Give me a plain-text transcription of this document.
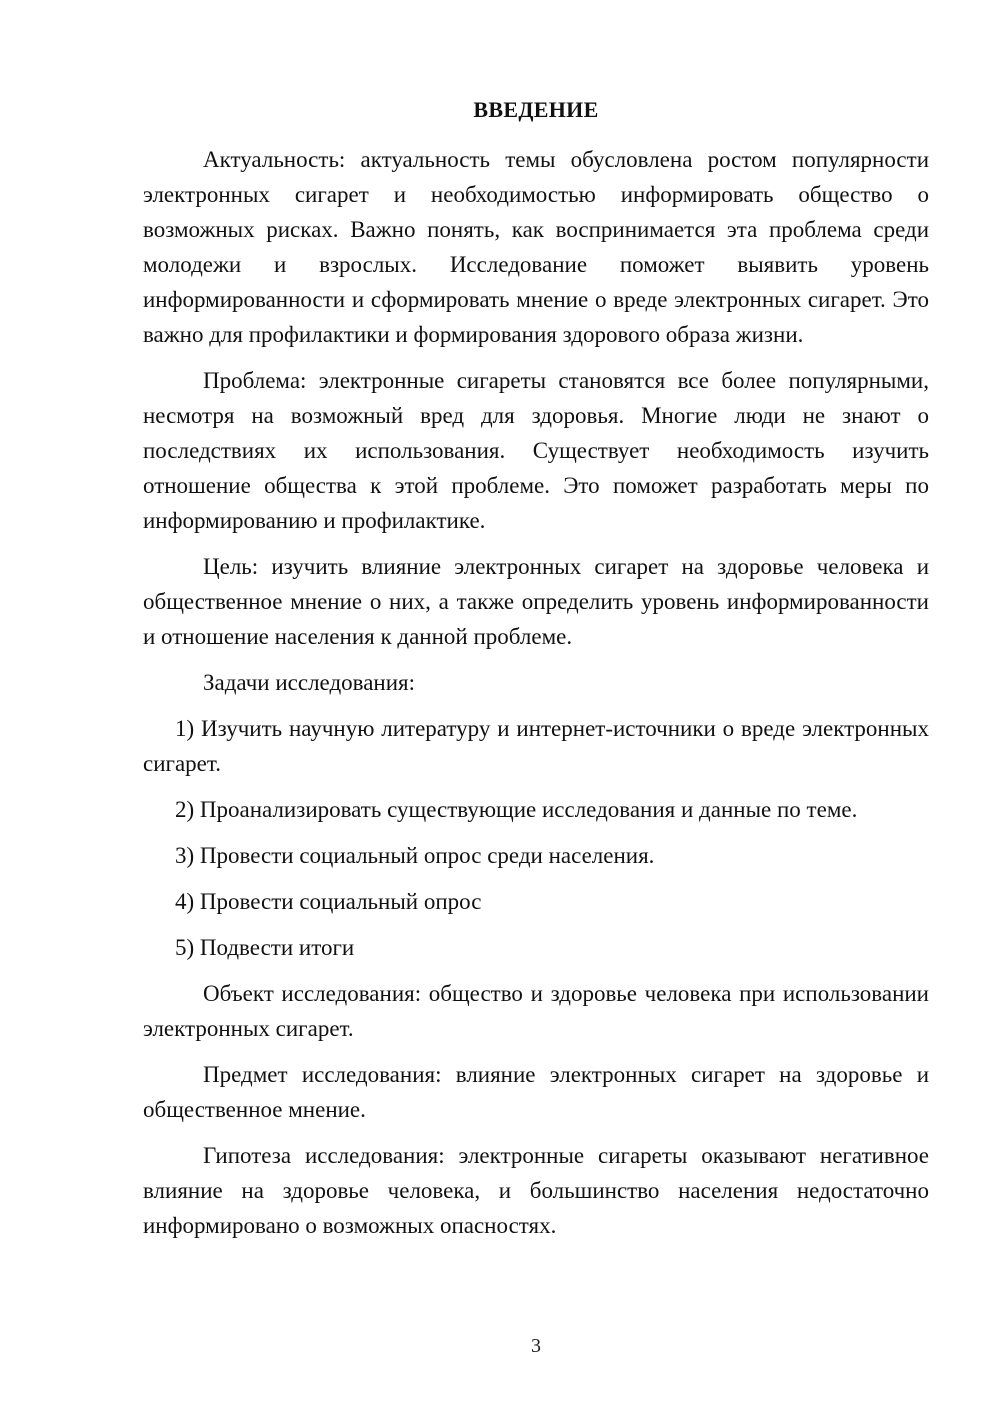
ВВЕДЕНИЕ

Актуальность: актуальность темы обусловлена ростом популярности электронных сигарет и необходимостью информировать общество о возможных рисках. Важно понять, как воспринимается эта проблема среди молодежи и взрослых. Исследование поможет выявить уровень информированности и сформировать мнение о вреде электронных сигарет. Это важно для профилактики и формирования здорового образа жизни.

Проблема: электронные сигареты становятся все более популярными, несмотря на возможный вред для здоровья. Многие люди не знают о последствиях их использования. Существует необходимость изучить отношение общества к этой проблеме. Это поможет разработать меры по информированию и профилактике.

Цель: изучить влияние электронных сигарет на здоровье человека и общественное мнение о них, а также определить уровень информированности и отношение населения к данной проблеме.

Задачи исследования:

1) Изучить научную литературу и интернет-источники о вреде электронных сигарет.

2) Проанализировать существующие исследования и данные по теме.

3) Провести социальный опрос среди населения.

4) Провести социальный опрос

5) Подвести итоги

Объект исследования: общество и здоровье человека при использовании электронных сигарет.

Предмет исследования: влияние электронных сигарет на здоровье и общественное мнение.

Гипотеза исследования: электронные сигареты оказывают негативное влияние на здоровье человека, и большинство населения недостаточно информировано о возможных опасностях.

3
